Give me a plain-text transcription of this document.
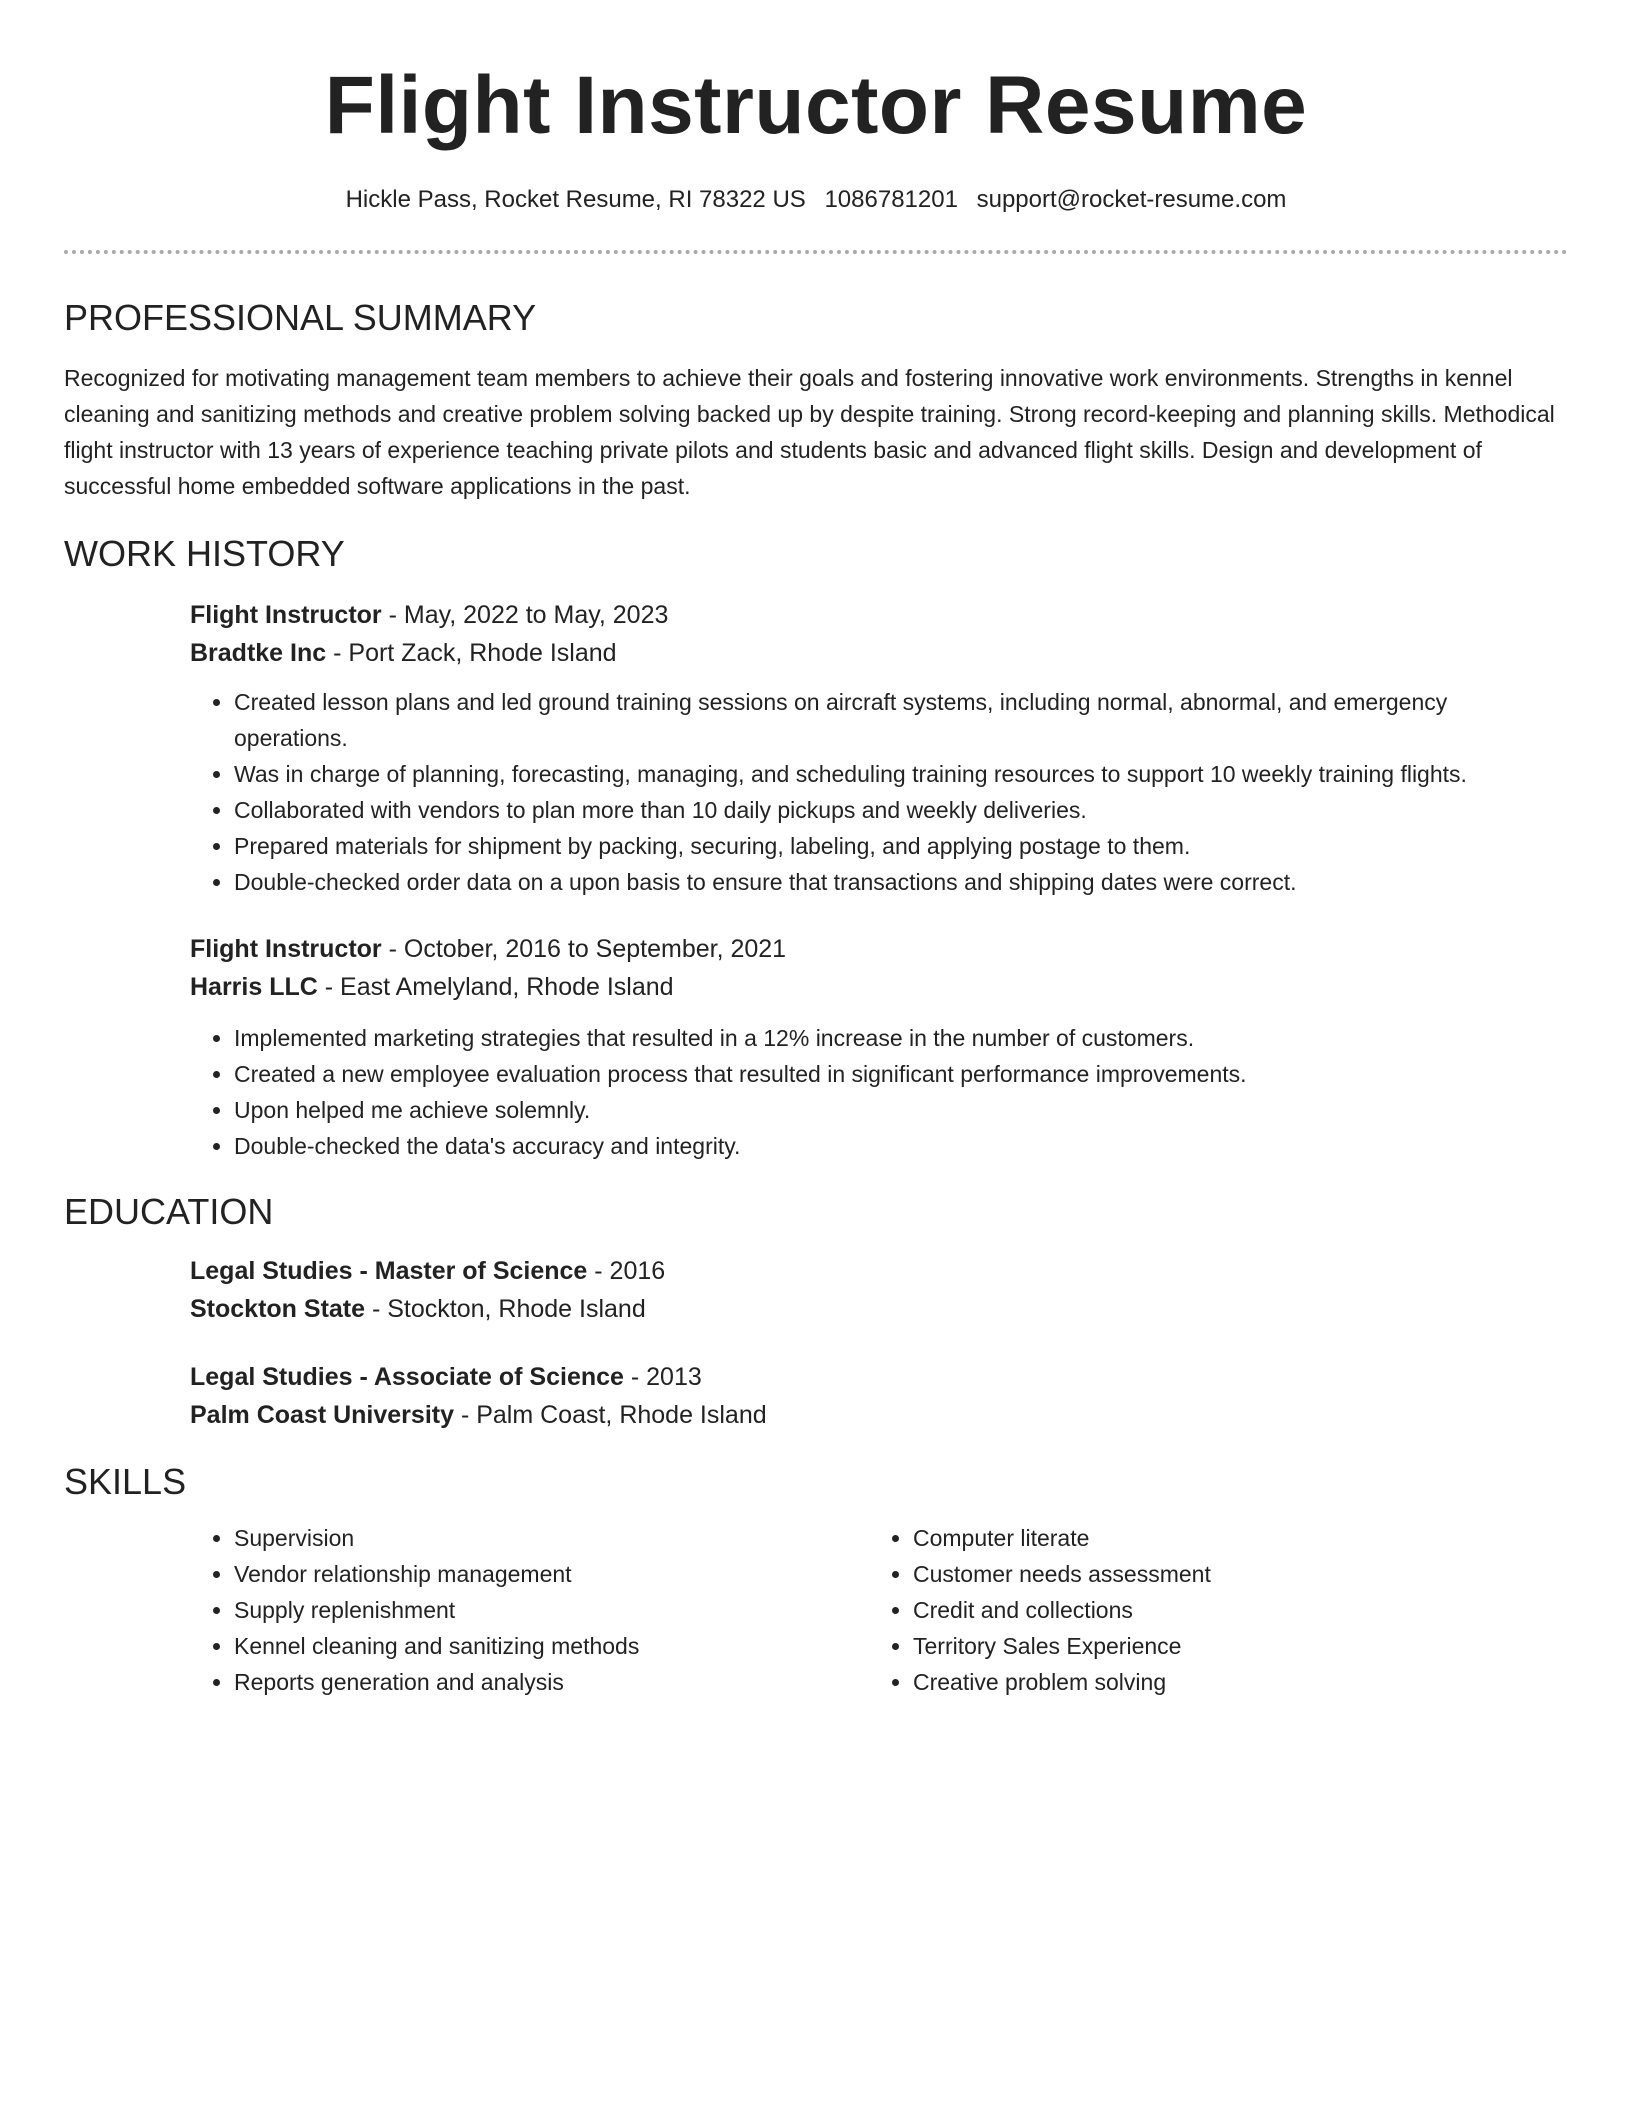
Flight Instructor Resume
Hickle Pass, Rocket Resume, RI 78322 US 1086781201 support@rocket-resume.com
PROFESSIONAL SUMMARY

Recognized for motivating management team members to achieve their goals and fostering innovative work environments. Strengths in kennel cleaning and sanitizing methods and creative problem solving backed up by despite training. Strong record-keeping and planning skills. Methodical flight instructor with 13 years of experience teaching private pilots and students basic and advanced flight skills. Design and development of successful home embedded software applications in the past.

WORK HISTORY

Flight Instructor - May, 2022 to May, 2023

Bradtke Inc - Port Zack, Rhode Island

• Created lesson plans and led ground training sessions on aircraft systems, including normal, abnormal, and emergency operations.
• Was in charge of planning, forecasting, managing, and scheduling training resources to support 10 weekly training flights.
• Collaborated with vendors to plan more than 10 daily pickups and weekly deliveries.
• Prepared materials for shipment by packing, securing, labeling, and applying postage to them.
• Double-checked order data on a upon basis to ensure that transactions and shipping dates were correct.

Flight Instructor - October, 2016 to September, 2021

Harris LLC - East Amelyland, Rhode Island

• Implemented marketing strategies that resulted in a 12% increase in the number of customers.
• Created a new employee evaluation process that resulted in significant performance improvements.
• Upon helped me achieve solemnly.
• Double-checked the data's accuracy and integrity.
EDUCATION

Legal Studies - Master of Science - 2016

Stockton State - Stockton, Rhode Island

Legal Studies - Associate of Science - 2013

Palm Coast University - Palm Coast, Rhode Island

SKILLS
• Supervision
• Vendor relationship management
• Supply replenishment
• Kennel cleaning and sanitizing methods
• Reports generation and analysis
• Computer literate
• Customer needs assessment
• Credit and collections
• Territory Sales Experience
• Creative problem solving
